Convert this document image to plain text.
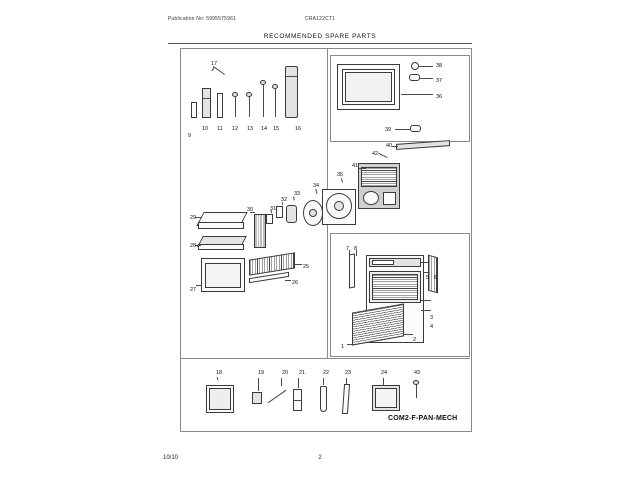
Publication No: 5995575961	CRA122CT1
RECOMMENDED SPARE PARTS
COM2-F-PAN-MECH
17	38
37
36
39
9
10 11 12 13 14 15	16
40
42
41
35
34
33
32
31
30
29
28
25
26
27
7 8
5 6
3
4
2
1
18	19	20 21	22	23	24	43
10/10	2
